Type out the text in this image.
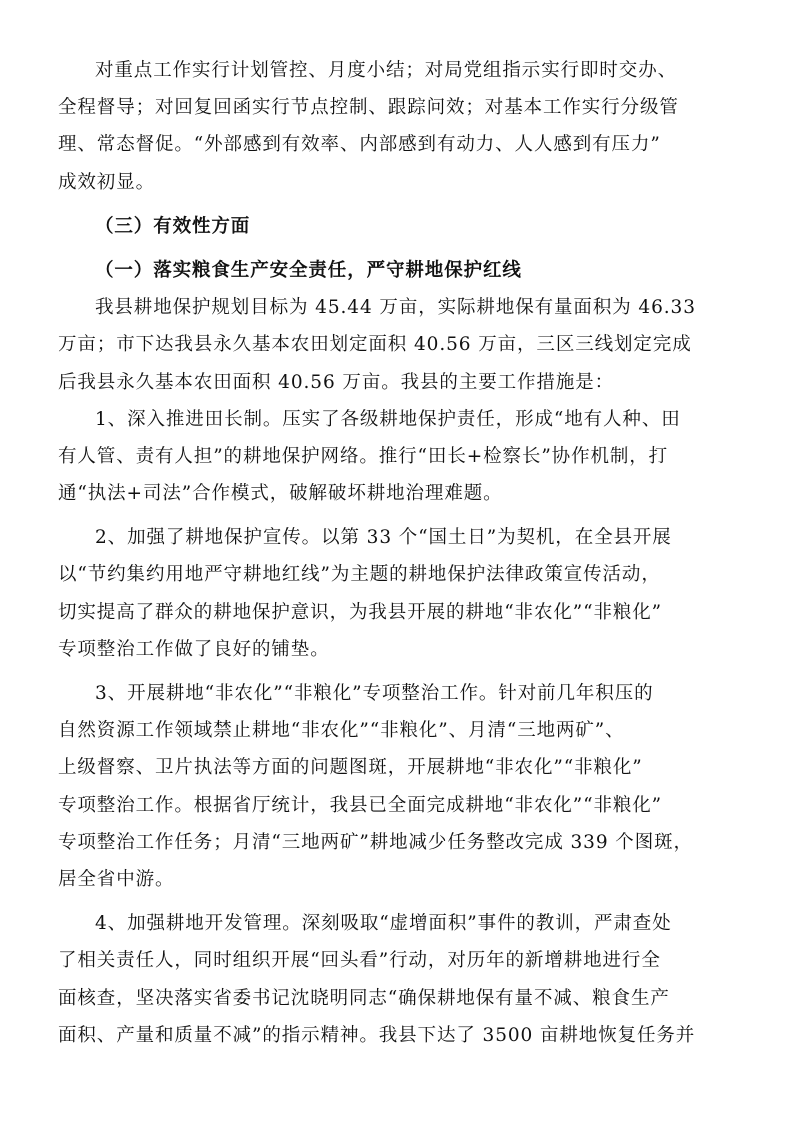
对重点工作实行计划管控、月度小结；对局党组指示实行即时交办、
全程督导；对回复回函实行节点控制、跟踪问效；对基本工作实行分级管
理、常态督促。“外部感到有效率、内部感到有动力、人人感到有压力”
成效初显。
（三）有效性方面
（一）落实粮食生产安全责任，严守耕地保护红线
我县耕地保护规划目标为 45.44 万亩，实际耕地保有量面积为 46.33
万亩；市下达我县永久基本农田划定面积 40.56 万亩，三区三线划定完成
后我县永久基本农田面积 40.56 万亩。我县的主要工作措施是：
1、深入推进田长制。压实了各级耕地保护责任，形成“地有人种、田
有人管、责有人担”的耕地保护网络。推行“田长+检察长”协作机制，打
通“执法+司法”合作模式，破解破坏耕地治理难题。
2、加强了耕地保护宣传。以第 33 个“国土日”为契机，在全县开展
以“节约集约用地严守耕地红线”为主题的耕地保护法律政策宣传活动，
切实提高了群众的耕地保护意识，为我县开展的耕地“非农化”“非粮化”
专项整治工作做了良好的铺垫。
3、开展耕地“非农化”“非粮化”专项整治工作。针对前几年积压的
自然资源工作领域禁止耕地“非农化”“非粮化”、月清“三地两矿”、
上级督察、卫片执法等方面的问题图斑，开展耕地“非农化”“非粮化”
专项整治工作。根据省厅统计，我县已全面完成耕地“非农化”“非粮化”
专项整治工作任务；月清“三地两矿”耕地减少任务整改完成 339 个图斑，
居全省中游。
4、加强耕地开发管理。深刻吸取“虚增面积”事件的教训，严肃查处
了相关责任人，同时组织开展“回头看”行动，对历年的新增耕地进行全
面核查，坚决落实省委书记沈晓明同志“确保耕地保有量不减、粮食生产
面积、产量和质量不减”的指示精神。我县下达了 3500 亩耕地恢复任务并
